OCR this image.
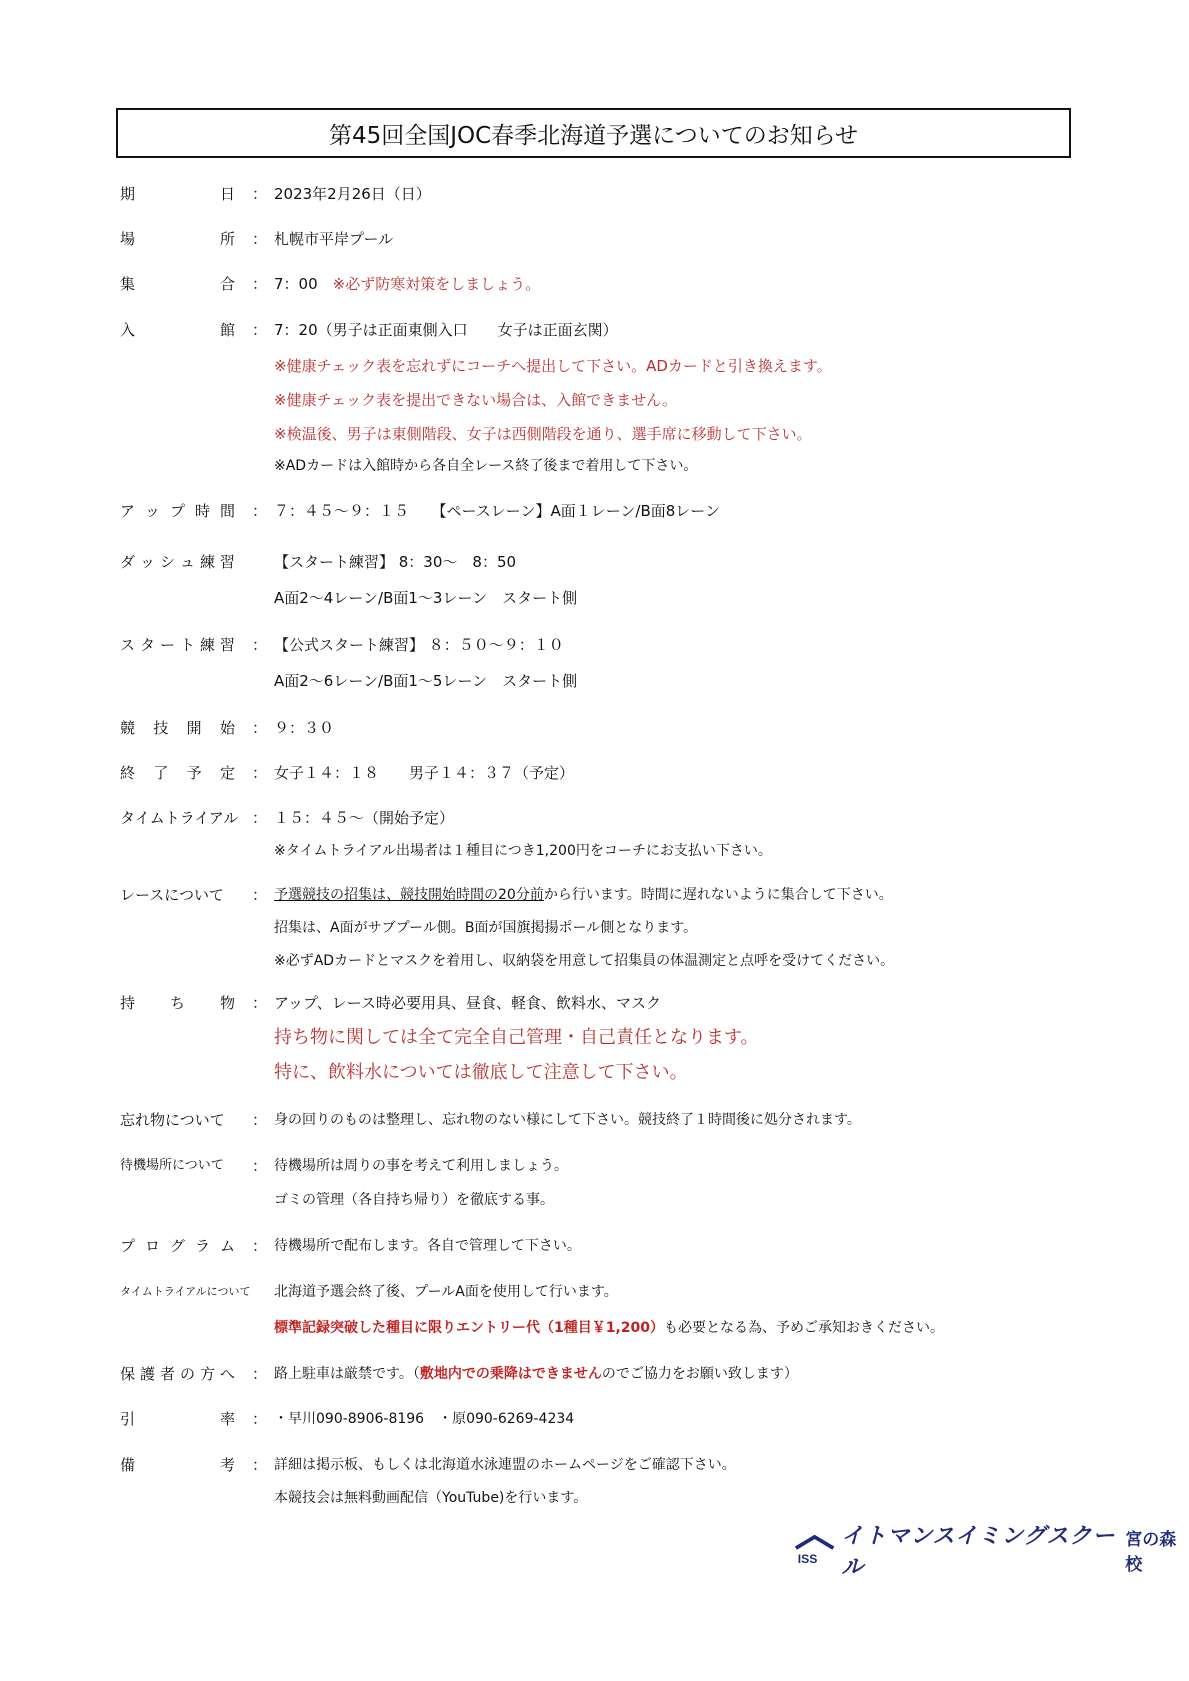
第45回全国JOC春季北海道予選についてのお知らせ
期	日 ： 2023年2月26日（日）
場	所 ： 札幌市平岸プール
集	合 ： 7：00　 ※必ず防寒対策をしましょう。
入	館 ： 7：20（男子は正面東側入口　　女子は正面玄関）
※健康チェック表を忘れずにコーチへ提出して下さい。ADカードと引き換えます。
※健康チェック表を提出できない場合は、入館できません。
※検温後、男子は東側階段、女子は西側階段を通り、選手席に移動して下さい。
※ADカードは入館時から各自全レース終了後まで着用して下さい。
ア ッ プ 時 間 ： ７：４５～９：１５　　【ペースレーン】A面１レーン/B面8レーン
ダ ッ シ ュ 練 習	【スタート練習】 8：30～　8：50
A面2～4レーン/B面1～3レーン　スタート側
ス タ ー ト 練 習 ： 【公式スタート練習】 ８：５０～９：１０
A面2～6レーン/B面1～5レーン　スタート側
競 技 開 始 ： ９：３０
終 了 予 定 ： 女子１４：１８　　男子１４：３７（予定）
タイムトライアル ： １５：４５～（開始予定）
※タイムトライアル出場者は１種目につき1,200円をコーチにお支払い下さい。
レースについて	： 予選競技の招集は、競技開始時間の20分前から行います。時間に遅れないように集合して下さい。
招集は、A面がサブプール側。B面が国旗掲揚ポール側となります。
※必ずADカードとマスクを着用し、収納袋を用意して招集員の体温測定と点呼を受けてください。
持 ち 物 ： アップ、レース時必要用具、昼食、軽食、飲料水、マスク
持ち物に関しては全て完全自己管理・自己責任となります。
特に、飲料水については徹底して注意して下さい。
忘れ物について	： 身の回りのものは整理し、忘れ物のない様にして下さい。競技終了１時間後に処分されます。
待機場所について	： 待機場所は周りの事を考えて利用しましょう。
ゴミの管理（各自持ち帰り）を徹底する事。
プ ロ グ ラ ム ： 待機場所で配布します。各自で管理して下さい。
タイムトライアルについて 北海道予選会終了後、プールA面を使用して行います。
標準記録突破した種目に限りエントリー代（1種目￥1,200）も必要となる為、予めご承知おきください。
保 護 者 の 方 へ ： 路上駐車は厳禁です。（敷地内での乗降はできませんのでご協力をお願い致します）
引	率 ： ・早川090-8906-8196　・原090-6269-4234
備	考 ： 詳細は掲示板、もしくは北海道水泳連盟のホームページをご確認下さい。
本競技会は無料動画配信（YouTube)を行います。
ISS
イトマンスイミングスクール
宮の森校
